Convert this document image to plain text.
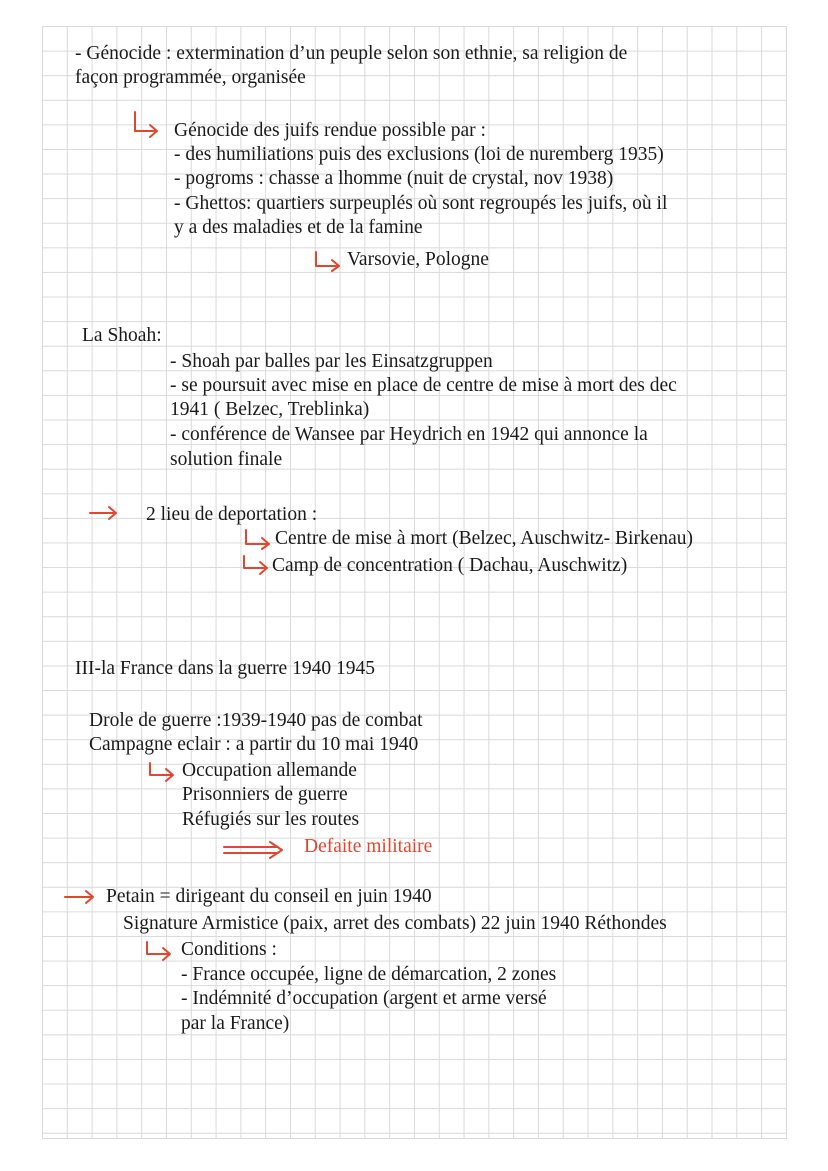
- Génocide : extermination d’un peuple selon son ethnie, sa religion de
façon programmée, organisée
Génocide des juifs rendue possible par :
- des humiliations puis des exclusions (loi de nuremberg 1935)
- pogroms : chasse a lhomme (nuit de crystal, nov 1938)
- Ghettos: quartiers surpeuplés où sont regroupés les juifs, où il
y a des maladies et de la famine
Varsovie, Pologne
La Shoah:
- Shoah par balles par les Einsatzgruppen
- se poursuit avec mise en place de centre de mise à mort des dec
1941 ( Belzec, Treblinka)
- conférence de Wansee par Heydrich en 1942 qui annonce la
solution finale
2 lieu de deportation :
Centre de mise à mort (Belzec, Auschwitz- Birkenau)
Camp de concentration ( Dachau, Auschwitz)
III-la France dans la guerre 1940 1945
Drole de guerre :1939-1940 pas de combat
Campagne eclair : a partir du 10 mai 1940
Occupation allemande
Prisonniers de guerre
Réfugiés sur les routes
Defaite militaire
Petain = dirigeant du conseil en juin 1940
Signature Armistice (paix, arret des combats) 22 juin 1940 Réthondes
Conditions :
- France occupée, ligne de démarcation, 2 zones
- Indémnité d’occupation (argent et arme versé
par la France)
